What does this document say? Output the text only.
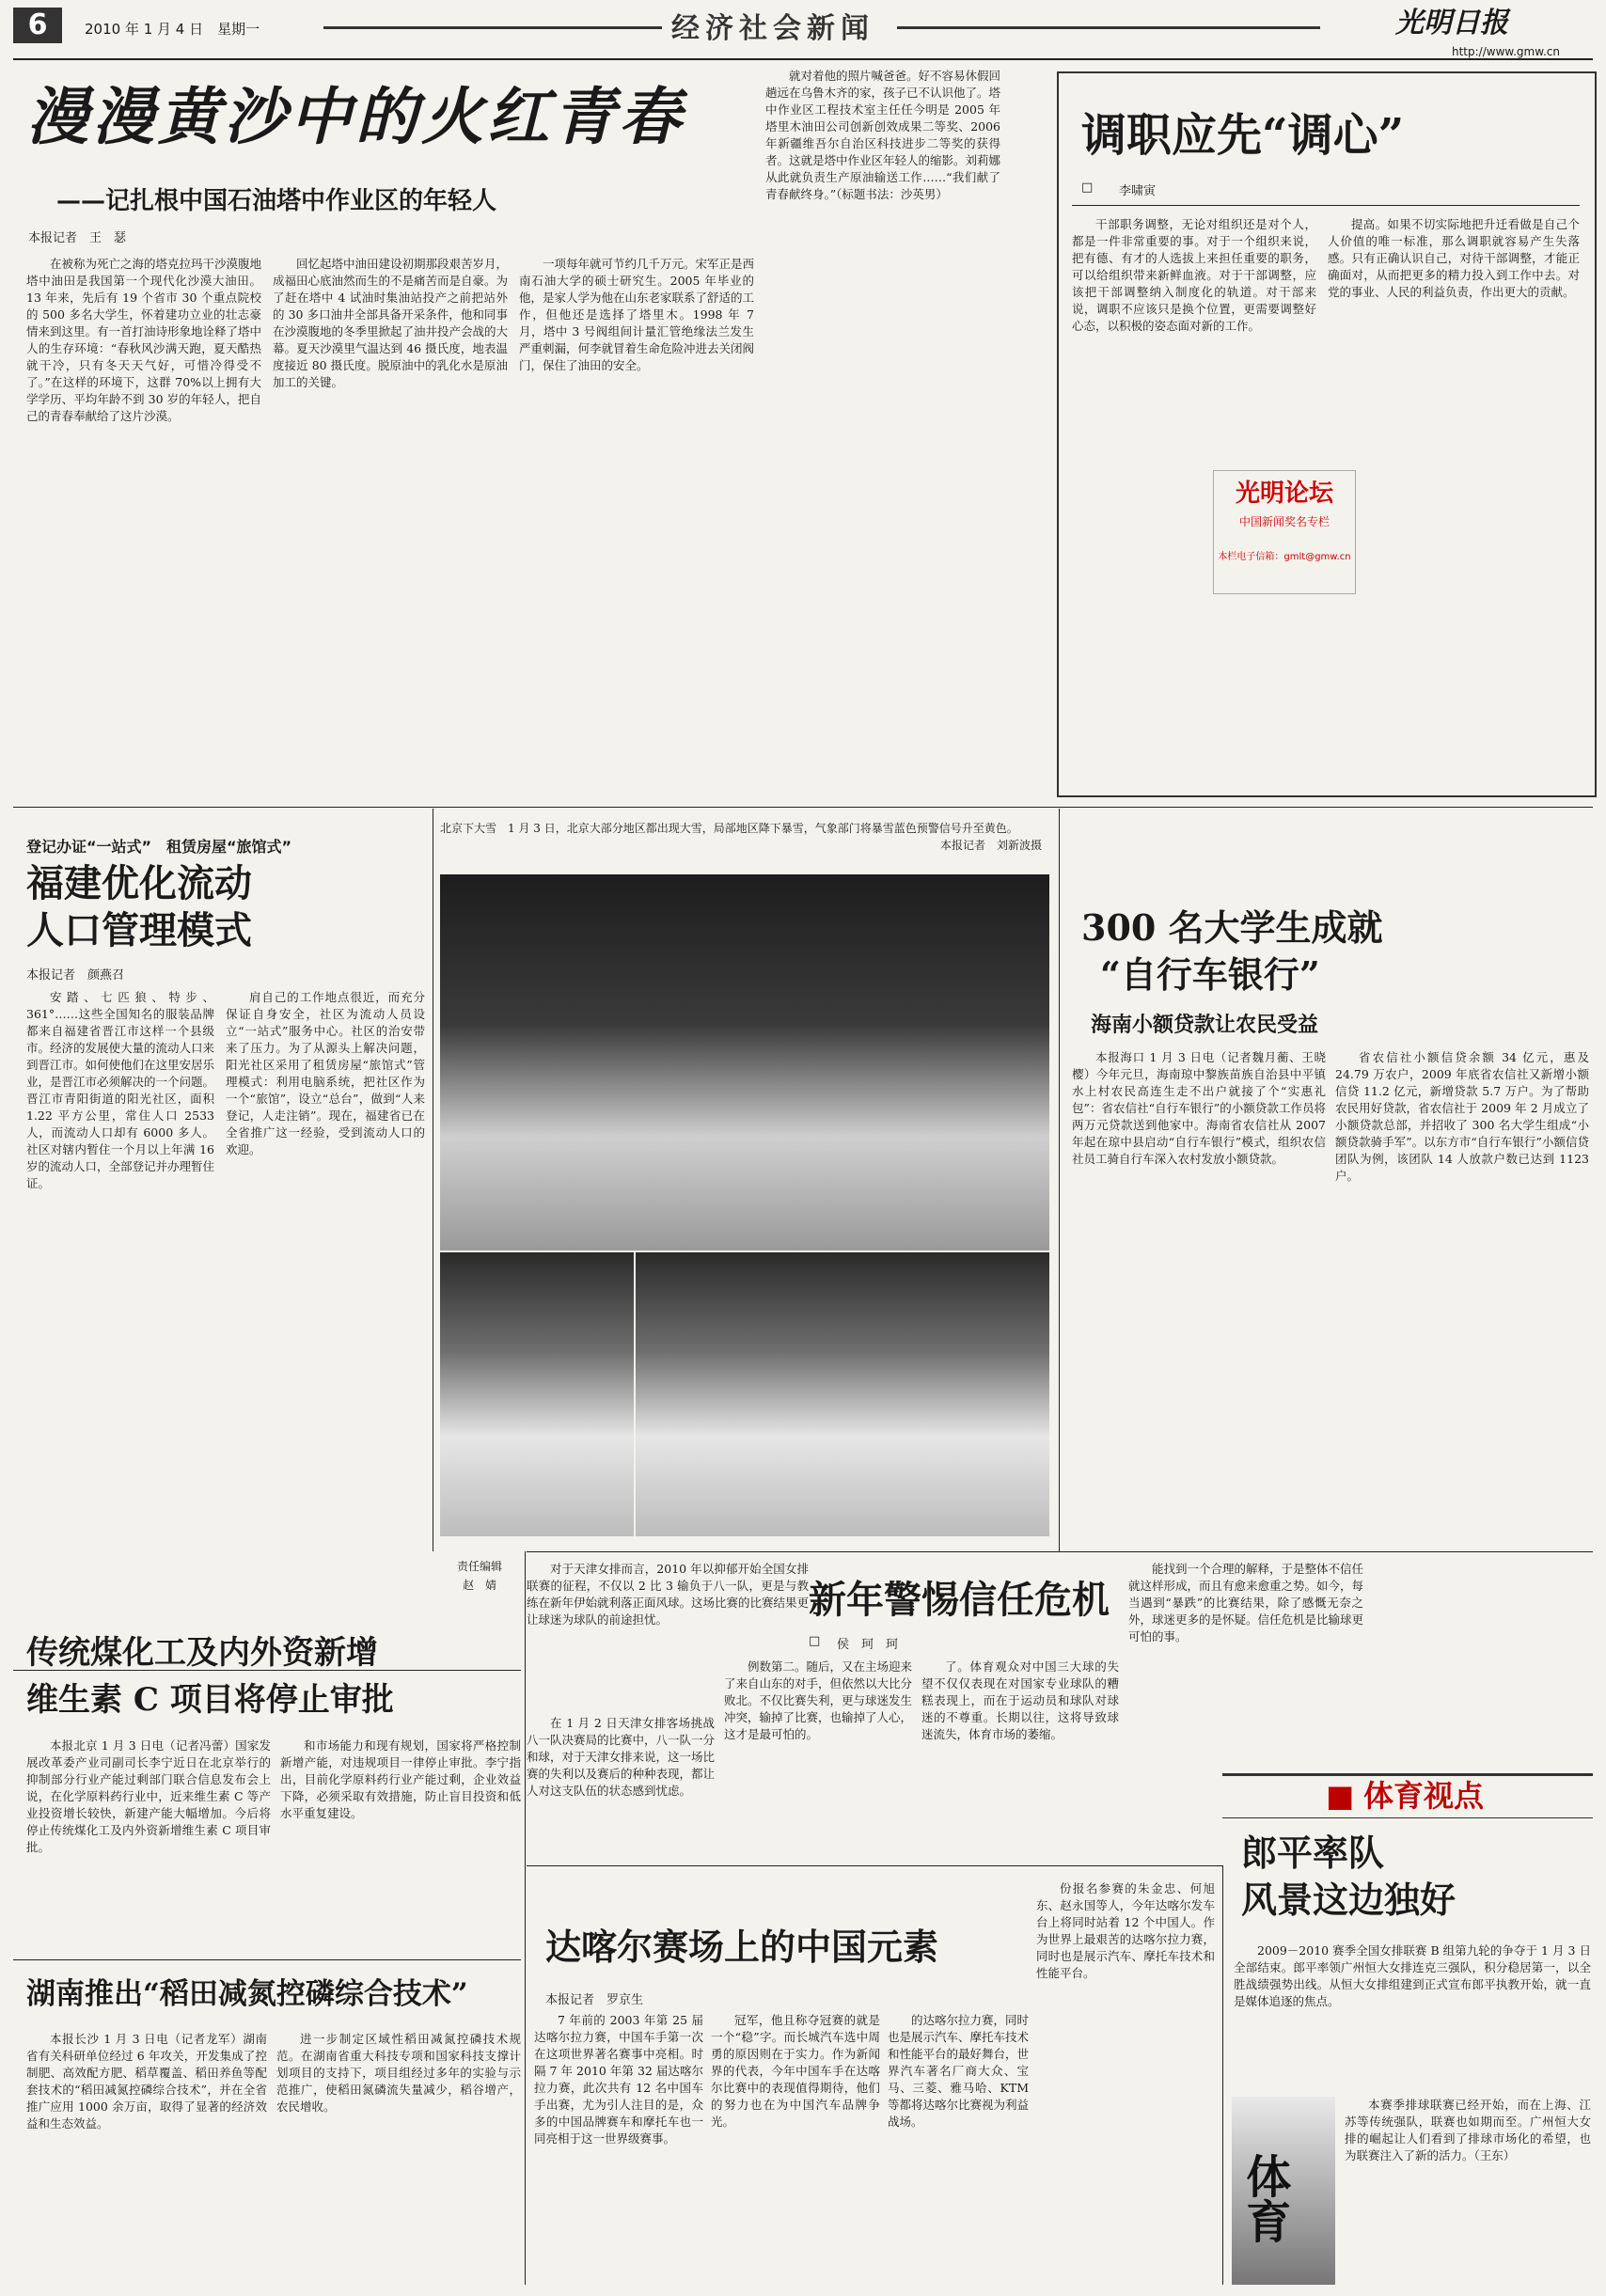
6	2010 年 1 月 4 日　星期一	经济社会新闻	光明日报
http://www.gmw.cn
漫漫黄沙中的火红青春
——记扎根中国石油塔中作业区的年轻人
本报记者　王　瑟

在被称为死亡之海的塔克拉玛干沙漠腹地塔中油田是我国第一个现代化沙漠大油田。13 年来，先后有 19 个省市 30 个重点院校的 500 多名大学生，怀着建功立业的壮志豪情来到这里。有一首打油诗形象地诠释了塔中人的生存环境：“春秋风沙满天跑，夏天酷热就干冷，只有冬天天气好，可惜冷得受不了。”在这样的环境下，这群 70%以上拥有大学学历、平均年龄不到 30 岁的年轻人，把自己的青春奉献给了这片沙漠。

回忆起塔中油田建设初期那段艰苦岁月，成福田心底油然而生的不是痛苦而是自豪。为了赶在塔中 4 试油时集油站投产之前把站外的 30 多口油井全部具备开采条件，他和同事在沙漠腹地的冬季里掀起了油井投产会战的大幕。夏天沙漠里气温达到 46 摄氏度，地表温度接近 80 摄氏度。脱原油中的乳化水是原油加工的关键。

一项每年就可节约几千万元。宋军正是西南石油大学的硕士研究生。2005 年毕业的他，是家人学为他在山东老家联系了舒适的工作，但他还是选择了塔里木。1998 年 7 月，塔中 3 号阀组间计量汇管绝缘法兰发生严重刺漏，何李就冒着生命危险冲进去关闭阀门，保住了油田的安全。

就对着他的照片喊爸爸。好不容易休假回趟远在乌鲁木齐的家，孩子已不认识他了。塔中作业区工程技术室主任任今明是 2005 年塔里木油田公司创新创效成果二等奖、2006 年新疆维吾尔自治区科技进步二等奖的获得者。这就是塔中作业区年轻人的缩影。刘莉娜从此就负责生产原油输送工作……“我们献了青春献终身。”（标题书法：沙英男）

调职应先“调心”
□ 李啸寅

干部职务调整，无论对组织还是对个人，都是一件非常重要的事。对于一个组织来说，把有德、有才的人选拔上来担任重要的职务，可以给组织带来新鲜血液。对于干部调整，应该把干部调整纳入制度化的轨道。对干部来说，调职不应该只是换个位置，更需要调整好心态，以积极的姿态面对新的工作。

提高。如果不切实际地把升迁看做是自己个人价值的唯一标准，那么调职就容易产生失落感。只有正确认识自己，对待干部调整，才能正确面对，从而把更多的精力投入到工作中去。对党的事业、人民的利益负责，作出更大的贡献。

光明论坛
中国新闻奖名专栏
本栏电子信箱：gmlt@gmw.cn
北京下大雪　1 月 3 日，北京大部分地区都出现大雪，局部地区降下暴雪，气象部门将暴雪蓝色预警信号升至黄色。
本报记者　刘新波摄
登记办证“一站式”　租赁房屋“旅馆式”
福建优化流动
人口管理模式
本报记者　颜燕召

安踏、七匹狼、特步、361°……这些全国知名的服装品牌都来自福建省晋江市这样一个县级市。经济的发展使大量的流动人口来到晋江市。如何使他们在这里安居乐业，是晋江市必须解决的一个问题。晋江市青阳街道的阳光社区，面积 1.22 平方公里，常住人口 2533 人，而流动人口却有 6000 多人。社区对辖内暂住一个月以上年满 16 岁的流动人口，全部登记并办理暂住证。

肩自己的工作地点很近，而充分保证自身安全，社区为流动人员设立“一站式”服务中心。社区的治安带来了压力。为了从源头上解决问题，阳光社区采用了租赁房屋“旅馆式”管理模式：利用电脑系统，把社区作为一个“旅馆”，设立“总台”，做到“人来登记，人走注销”。现在，福建省已在全省推广这一经验，受到流动人口的欢迎。

责任编辑
赵　婧
300 名大学生成就
“自行车银行”
海南小额贷款让农民受益

本报海口 1 月 3 日电（记者魏月蘅、王晓樱）今年元旦，海南琼中黎族苗族自治县中平镇水上村农民高连生走不出户就接了个“实惠礼包”：省农信社“自行车银行”的小额贷款工作员将两万元贷款送到他家中。海南省农信社从 2007 年起在琼中县启动“自行车银行”模式，组织农信社员工骑自行车深入农村发放小额贷款。

省农信社小额信贷余额 34 亿元，惠及 24.79 万农户，2009 年底省农信社又新增小额信贷 11.2 亿元，新增贷款 5.7 万户。为了帮助农民用好贷款，省农信社于 2009 年 2 月成立了小额贷款总部，并招收了 300 名大学生组成“小额贷款骑手军”。以东方市“自行车银行”小额信贷团队为例，该团队 14 人放款户数已达到 1123 户。

对于天津女排而言，2010 年以抑郁开始全国女排联赛的征程，不仅以 2 比 3 输负于八一队，更是与教练在新年伊始就利落正面风球。这场比赛的比赛结果更让球迷为球队的前途担忧。	新年警惕信任危机
□ 侯　珂　珂

在 1 月 2 日天津女排客场挑战八一队决赛局的比赛中，八一队一分和球，对于天津女排来说，这一场比赛的失利以及赛后的种种表现，都让人对这支队伍的状态感到忧虑。

例数第二。随后，又在主场迎来了来自山东的对手，但依然以大比分败北。不仅比赛失利，更与球迷发生冲突，输掉了比赛，也输掉了人心，这才是最可怕的。

了。体育观众对中国三大球的失望不仅仅表现在对国家专业球队的糟糕表现上，而在于运动员和球队对球迷的不尊重。长期以往，这将导致球迷流失，体育市场的萎缩。

能找到一个合理的解释，于是整体不信任就这样形成，而且有愈来愈重之势。如今，每当遇到“暴跌”的比赛结果，除了感慨无奈之外，球迷更多的是怀疑。信任危机是比输球更可怕的事。

传统煤化工及内外资新增
维生素 C 项目将停止审批

本报北京 1 月 3 日电（记者冯蕾）国家发展改革委产业司副司长李宁近日在北京举行的抑制部分行业产能过剩部门联合信息发布会上说，在化学原料药行业中，近来维生素 C 等产业投资增长较快，新建产能大幅增加。今后将停止传统煤化工及内外资新增维生素 C 项目审批。

和市场能力和现有规划，国家将严格控制新增产能，对违规项目一律停止审批。李宁指出，目前化学原料药行业产能过剩，企业效益下降，必须采取有效措施，防止盲目投资和低水平重复建设。

湖南推出“稻田减氮控磷综合技术”

本报长沙 1 月 3 日电（记者龙军）湖南省有关科研单位经过 6 年攻关，开发集成了控制肥、高效配方肥、稻草覆盖、稻田养鱼等配套技术的“稻田减氮控磷综合技术”，并在全省推广应用 1000 余万亩，取得了显著的经济效益和生态效益。

进一步制定区域性稻田减氮控磷技术规范。在湖南省重大科技专项和国家科技支撑计划项目的支持下，项目组经过多年的实验与示范推广，使稻田氮磷流失量减少，稻谷增产，农民增收。

达喀尔赛场上的中国元素
本报记者　罗京生

7 年前的 2003 年第 25 届达喀尔拉力赛，中国车手第一次在这项世界著名赛事中亮相。时隔 7 年 2010 年第 32 届达喀尔拉力赛，此次共有 12 名中国车手出赛，尤为引人注目的是，众多的中国品牌赛车和摩托车也一同亮相于这一世界级赛事。

冠军，他且称夺冠赛的就是一个“稳”字。而长城汽车选中周勇的原因则在于实力。作为新闻界的代表，今年中国车手在达喀尔比赛中的表现值得期待，他们的努力也在为中国汽车品牌争光。

的达喀尔拉力赛，同时也是展示汽车、摩托车技术和性能平台的最好舞台，世界汽车著名厂商大众、宝马、三菱、雅马哈、KTM 等都将达喀尔比赛视为利益战场。

份报名参赛的朱金忠、何旭东、赵永国等人，今年达喀尔发车台上将同时站着 12 个中国人。作为世界上最艰苦的达喀尔拉力赛，同时也是展示汽车、摩托车技术和性能平台。

■ 体育视点
郎平率队
风景这边独好

2009－2010 赛季全国女排联赛 B 组第九轮的争夺于 1 月 3 日全部结束。郎平率领广州恒大女排连克三强队，积分稳居第一，以全胜战绩强势出线。从恒大女排组建到正式宣布郎平执教开始，就一直是媒体追逐的焦点。

体育

本赛季排球联赛已经开始，而在上海、江苏等传统强队，联赛也如期而至。广州恒大女排的崛起让人们看到了排球市场化的希望，也为联赛注入了新的活力。（王东）
